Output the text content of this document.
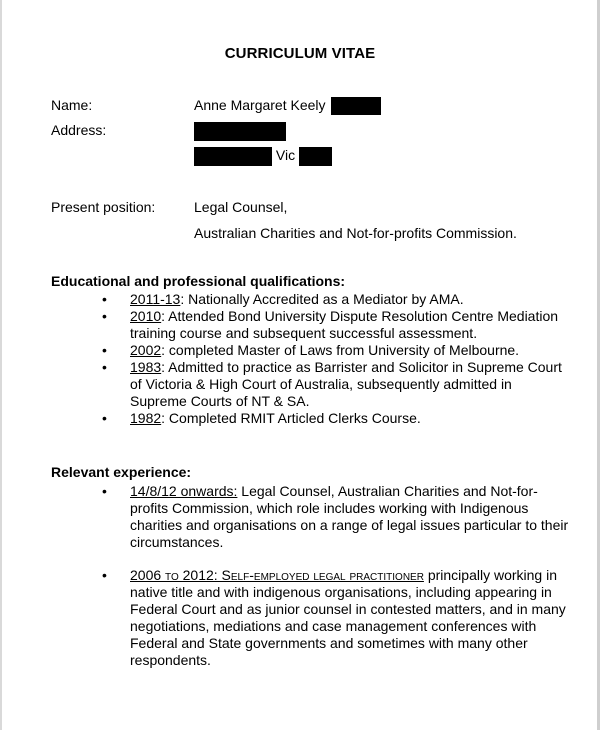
CURRICULUM VITAE
Name:	Anne Margaret Keely
Address:
Vic
Present position:	Legal Counsel,
Australian Charities and Not-for-profits Commission.
Educational and professional qualifications:
• 2011-13: Nationally Accredited as a Mediator by AMA.
• 2010: Attended Bond University Dispute Resolution Centre Mediation training course and subsequent successful assessment.
• 2002: completed Master of Laws from University of Melbourne.
• 1983: Admitted to practice as Barrister and Solicitor in Supreme Court of Victoria & High Court of Australia, subsequently admitted in Supreme Courts of NT & SA.
• 1982: Completed RMIT Articled Clerks Course.
Relevant experience:
• 14/8/12 onwards: Legal Counsel, Australian Charities and Not-for-profits Commission, which role includes working with Indigenous charities and organisations on a range of legal issues particular to their circumstances.
• 2006 to 2012: Self-employed legal practitioner principally working in native title and with indigenous organisations, including appearing in Federal Court and as junior counsel in contested matters, and in many negotiations, mediations and case management conferences with Federal and State governments and sometimes with many other respondents.
